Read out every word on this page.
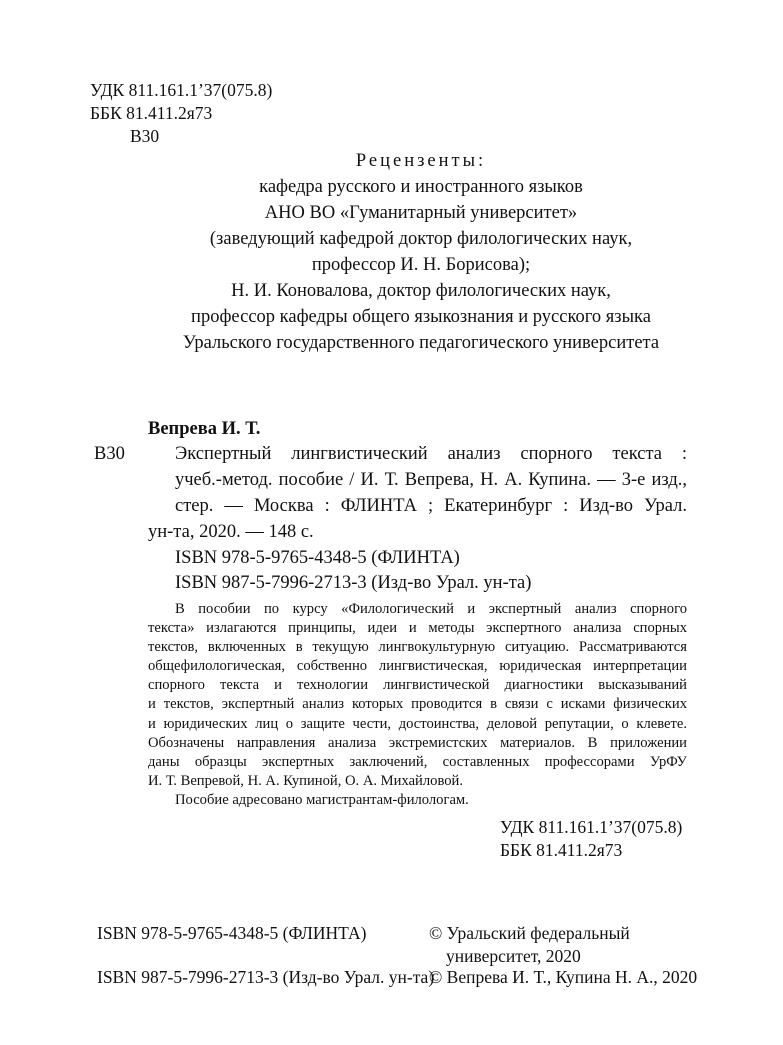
УДК 811.161.1’37(075.8)
ББК 81.411.2я73
В30
Рецензенты:
кафедра русского и иностранного языков
АНО ВО «Гуманитарный университет»
(заведующий кафедрой доктор филологических наук,
профессор И. Н. Борисова);
Н. И. Коновалова, доктор филологических наук,
профессор кафедры общего языкознания и русского языка
Уральского государственного педагогического университета
Вепрева И. Т.
В30	Экспертный лингвистический анализ спорного текста :
учеб.-метод. пособие / И. Т. Вепрева, Н. А. Купина. — 3-е изд.,
стер. — Москва : ФЛИНТА ; Екатеринбург : Изд-во Урал.
ун-та, 2020. — 148 с.
ISBN 978-5-9765-4348-5 (ФЛИНТА)
ISBN 987-5-7996-2713-3 (Изд-во Урал. ун-та)
В пособии по курсу «Филологический и экспертный анализ спорного
текста» излагаются принципы, идеи и методы экспертного анализа спорных
текстов, включенных в текущую лингвокультурную ситуацию. Рассматриваются
общефилологическая, собственно лингвистическая, юридическая интерпретации
спорного текста и технологии лингвистической диагностики высказываний
и текстов, экспертный анализ которых проводится в связи с исками физических
и юридических лиц о защите чести, достоинства, деловой репутации, о клевете.
Обозначены направления анализа экстремистских материалов. В приложении
даны образцы экспертных заключений, составленных профессорами УрФУ
И. Т. Вепревой, Н. А. Купиной, О. А. Михайловой.
Пособие адресовано магистрантам-филологам.
УДК 811.161.1’37(075.8)
ББК 81.411.2я73
ISBN 978-5-9765-4348-5 (ФЛИНТА)	© Уральский федеральный
университет, 2020
ISBN 987-5-7996-2713-3 (Изд-во Урал. ун-та)
© Вепрева И. Т., Купина Н. А., 2020
